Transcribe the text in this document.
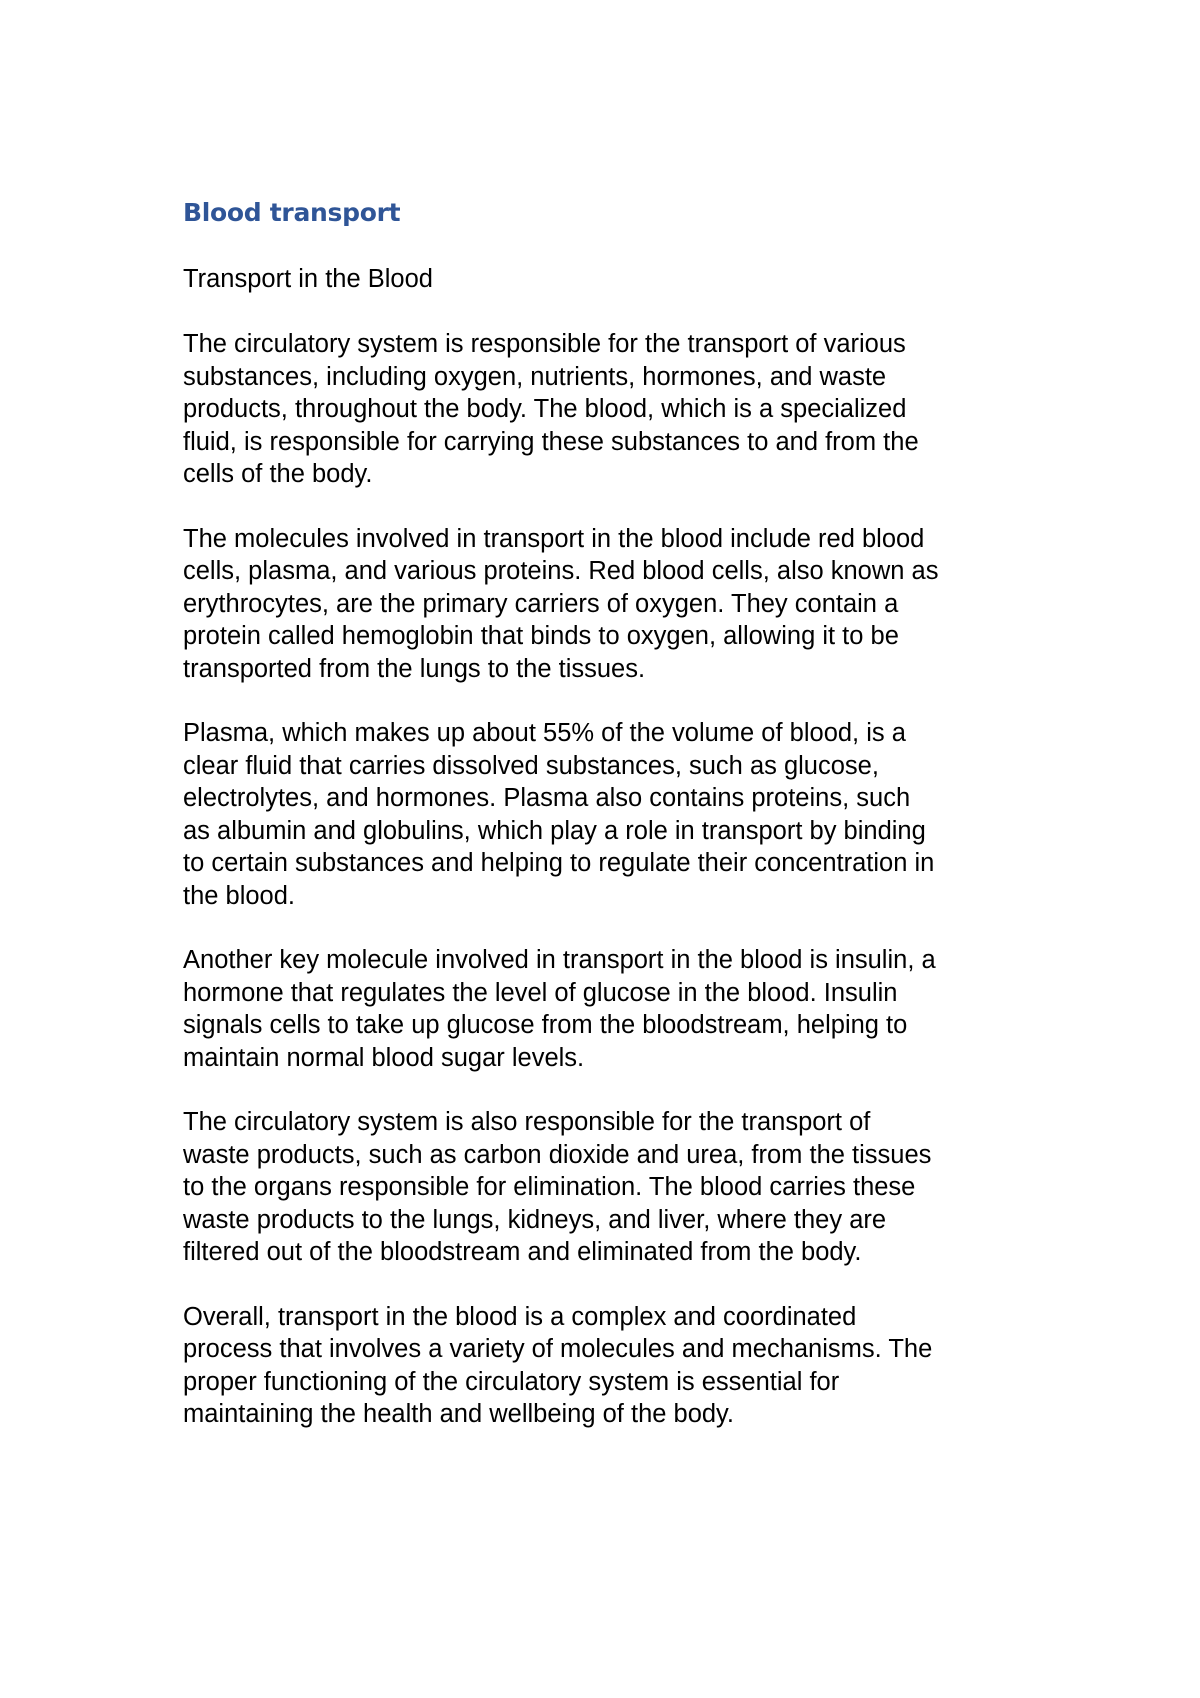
Blood transport

Transport in the Blood

The circulatory system is responsible for the transport of various
substances, including oxygen, nutrients, hormones, and waste
products, throughout the body. The blood, which is a specialized
fluid, is responsible for carrying these substances to and from the
cells of the body.

The molecules involved in transport in the blood include red blood
cells, plasma, and various proteins. Red blood cells, also known as
erythrocytes, are the primary carriers of oxygen. They contain a
protein called hemoglobin that binds to oxygen, allowing it to be
transported from the lungs to the tissues.

Plasma, which makes up about 55% of the volume of blood, is a
clear fluid that carries dissolved substances, such as glucose,
electrolytes, and hormones. Plasma also contains proteins, such
as albumin and globulins, which play a role in transport by binding
to certain substances and helping to regulate their concentration in
the blood.

Another key molecule involved in transport in the blood is insulin, a
hormone that regulates the level of glucose in the blood. Insulin
signals cells to take up glucose from the bloodstream, helping to
maintain normal blood sugar levels.

The circulatory system is also responsible for the transport of
waste products, such as carbon dioxide and urea, from the tissues
to the organs responsible for elimination. The blood carries these
waste products to the lungs, kidneys, and liver, where they are
filtered out of the bloodstream and eliminated from the body.

Overall, transport in the blood is a complex and coordinated
process that involves a variety of molecules and mechanisms. The
proper functioning of the circulatory system is essential for
maintaining the health and wellbeing of the body.
